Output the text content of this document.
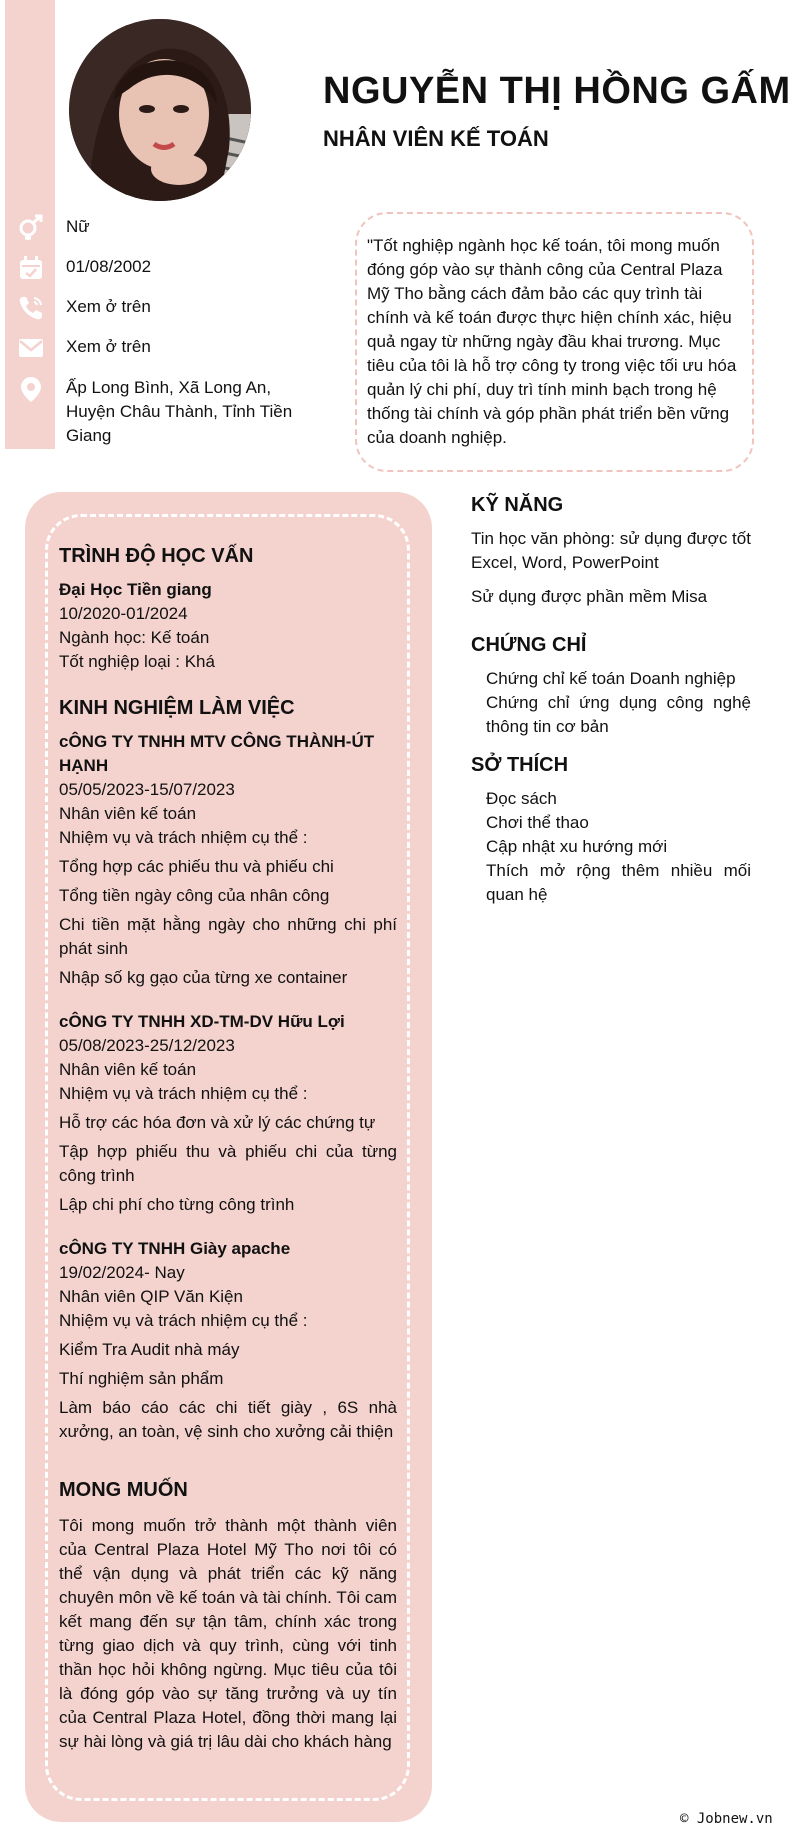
NGUYỄN THỊ HỒNG GẤM
NHÂN VIÊN KẾ TOÁN
Nữ
01/08/2002
Xem ở trên
Xem ở trên
Ấp Long Bình, Xã Long An, Huyện Châu Thành, Tỉnh Tiền Giang

"Tốt nghiệp ngành học kế toán, tôi mong muốn đóng góp vào sự thành công của Central Plaza Mỹ Tho bằng cách đảm bảo các quy trình tài chính và kế toán được thực hiện chính xác, hiệu quả ngay từ những ngày đầu khai trương. Mục tiêu của tôi là hỗ trợ công ty trong việc tối ưu hóa quản lý chi phí, duy trì tính minh bạch trong hệ thống tài chính và góp phần phát triển bền vững của doanh nghiệp.

TRÌNH ĐỘ HỌC VẤN
Đại Học Tiền giang
10/2020-01/2024
Ngành học: Kế toán
Tốt nghiệp loại : Khá
KINH NGHIỆM LÀM VIỆC
cÔNG TY TNHH MTV CÔNG THÀNH-ÚT HẠNH
05/05/2023-15/07/2023
Nhân viên kế toán
Nhiệm vụ và trách nhiệm cụ thể :
Tổng hợp các phiếu thu và phiếu chi
Tổng tiền ngày công của nhân công
Chi tiền mặt hằng ngày cho những chi phí phát sinh
Nhập số kg gạo của từng xe container
cÔNG TY TNHH XD-TM-DV Hữu Lợi
05/08/2023-25/12/2023
Nhân viên kế toán
Nhiệm vụ và trách nhiệm cụ thể :
Hỗ trợ các hóa đơn và xử lý các chứng tự
Tập hợp phiếu thu và phiếu chi của từng công trình
Lập chi phí cho từng công trình
cÔNG TY TNHH Giày apache
19/02/2024- Nay
Nhân viên QIP Văn Kiện
Nhiệm vụ và trách nhiệm cụ thể :
Kiểm Tra Audit nhà máy
Thí nghiệm sản phẩm
Làm báo cáo các chi tiết giày , 6S nhà xưởng, an toàn, vệ sinh cho xưởng cải thiện
MONG MUỐN
Tôi mong muốn trở thành một thành viên của Central Plaza Hotel Mỹ Tho nơi tôi có thể vận dụng và phát triển các kỹ năng chuyên môn về kế toán và tài chính. Tôi cam kết mang đến sự tận tâm, chính xác trong từng giao dịch và quy trình, cùng với tinh thần học hỏi không ngừng. Mục tiêu của tôi là đóng góp vào sự tăng trưởng và uy tín của Central Plaza Hotel, đồng thời mang lại sự hài lòng và giá trị lâu dài cho khách hàng
KỸ NĂNG
Tin học văn phòng: sử dụng được tốt Excel, Word, PowerPoint
Sử dụng được phần mềm Misa
CHỨNG CHỈ
Chứng chỉ kế toán Doanh nghiệp
Chứng chỉ ứng dụng công nghệ thông tin cơ bản
SỞ THÍCH
Đọc sách
Chơi thể thao
Cập nhật xu hướng mới
Thích mở rộng thêm nhiều mối quan hệ
© Jobnew.vn
